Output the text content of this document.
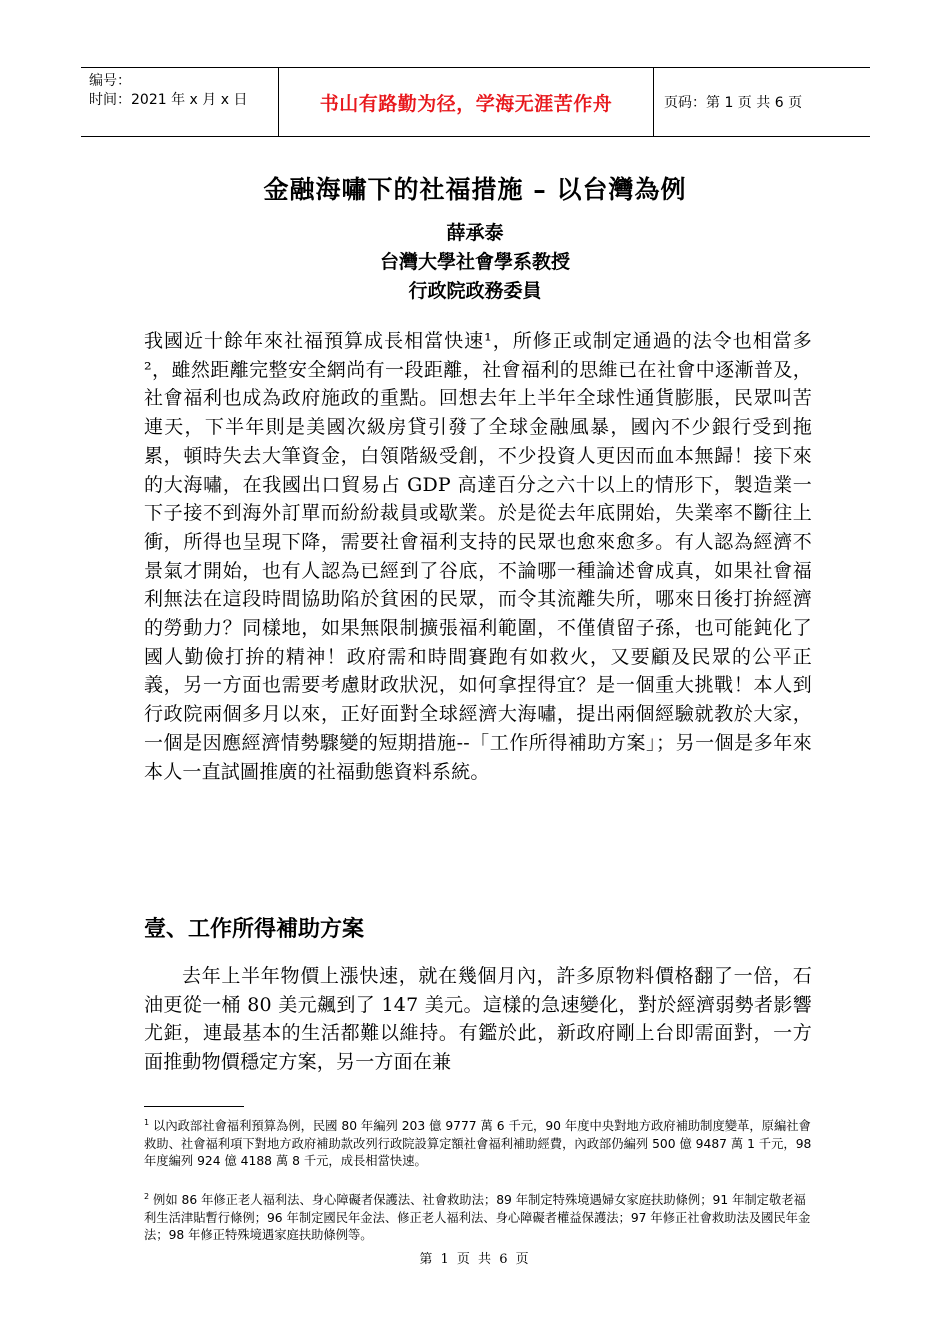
编号：
时间：2021 年 x 月 x 日	书山有路勤为径，学海无涯苦作舟	页码：第 1 页 共 6 页
金融海嘯下的社福措施 – 以台灣為例
薛承泰
台灣大學社會學系教授
行政院政務委員

我國近十餘年來社福預算成長相當快速¹，所修正或制定通過的法令也相當多²，雖然距離完整安全網尚有一段距離，社會福利的思維已在社會中逐漸普及，社會福利也成為政府施政的重點。回想去年上半年全球性通貨膨脹，民眾叫苦連天，下半年則是美國次級房貸引發了全球金融風暴，國內不少銀行受到拖累，頓時失去大筆資金，白領階級受創，不少投資人更因而血本無歸！接下來的大海嘯，在我國出口貿易占 GDP 高達百分之六十以上的情形下，製造業一下子接不到海外訂單而紛紛裁員或歇業。於是從去年底開始，失業率不斷往上衝，所得也呈現下降，需要社會福利支持的民眾也愈來愈多。有人認為經濟不景氣才開始，也有人認為已經到了谷底，不論哪一種論述會成真，如果社會福利無法在這段時間協助陷於貧困的民眾，而令其流離失所，哪來日後打拚經濟的勞動力？同樣地，如果無限制擴張福利範圍，不僅債留子孫，也可能鈍化了國人勤儉打拚的精神！政府需和時間賽跑有如救火，又要顧及民眾的公平正義，另一方面也需要考慮財政狀況，如何拿捏得宜？是一個重大挑戰！本人到行政院兩個多月以來，正好面對全球經濟大海嘯，提出兩個經驗就教於大家，一個是因應經濟情勢驟變的短期措施--「工作所得補助方案」；另一個是多年來本人一直試圖推廣的社福動態資料系統。

壹、工作所得補助方案

去年上半年物價上漲快速，就在幾個月內，許多原物料價格翻了一倍，石油更從一桶 80 美元飆到了 147 美元。這樣的急速變化，對於經濟弱勢者影響尤鉅，連最基本的生活都難以維持。有鑑於此，新政府剛上台即需面對，一方面推動物價穩定方案，另一方面在兼

$^1$ 以內政部社會福利預算為例，民國 80 年編列 203 億 9777 萬 6 千元，90 年度中央對地方政府補助制度變革，原編社會救助、社會福利項下對地方政府補助款改列行政院設算定額社會福利補助經費，內政部仍編列 500 億 9487 萬 1 千元，98 年度編列 924 億 4188 萬 8 千元，成長相當快速。

$^2$ 例如 86 年修正老人福利法、身心障礙者保護法、社會救助法；89 年制定特殊境遇婦女家庭扶助條例；91 年制定敬老福利生活津貼暫行條例；96 年制定國民年金法、修正老人福利法、身心障礙者權益保護法；97 年修正社會救助法及國民年金法；98 年修正特殊境遇家庭扶助條例等。

第 1 页 共 6 页
